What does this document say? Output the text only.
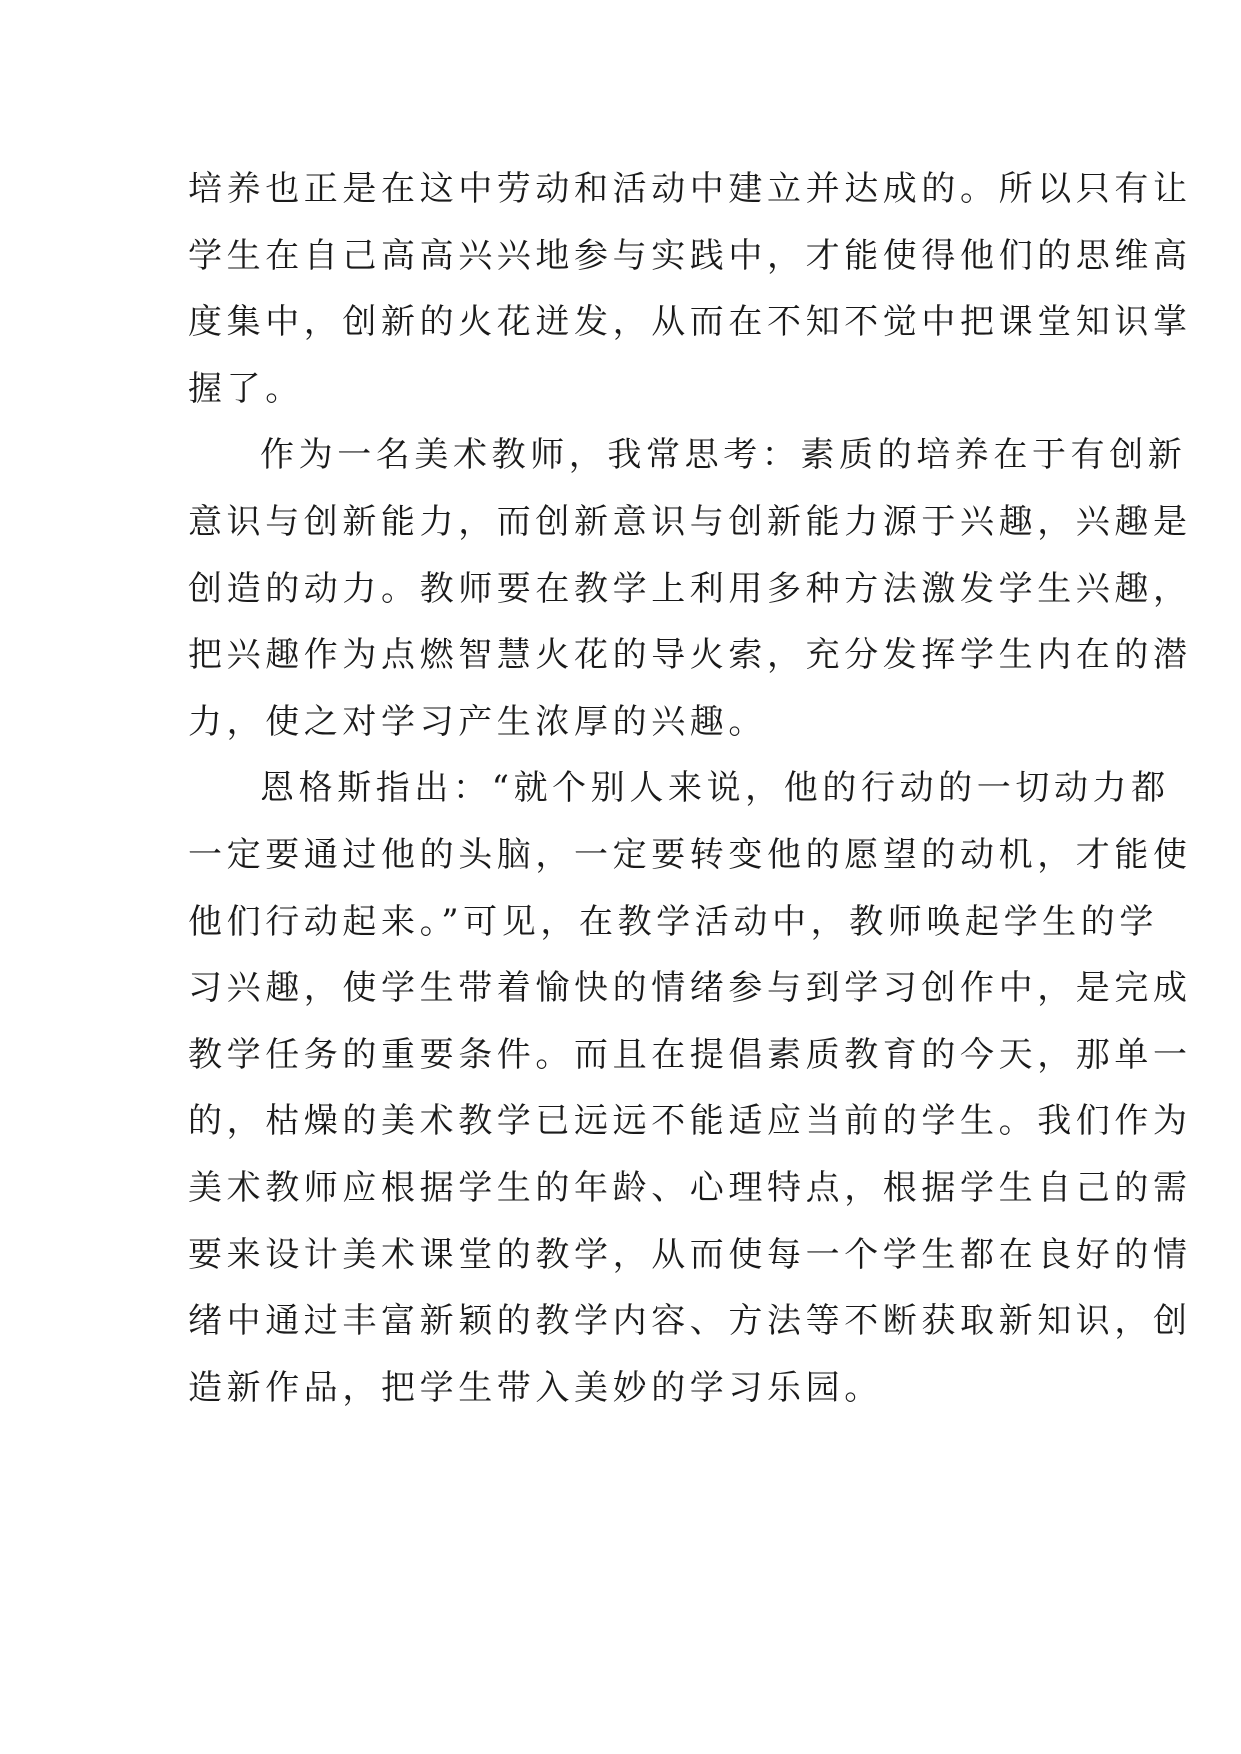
培养也正是在这中劳动和活动中建立并达成的。所以只有让
学生在自己高高兴兴地参与实践中，才能使得他们的思维高
度集中，创新的火花迸发，从而在不知不觉中把课堂知识掌
握了。
作为一名美术教师，我常思考：素质的培养在于有创新
意识与创新能力，而创新意识与创新能力源于兴趣，兴趣是
创造的动力。教师要在教学上利用多种方法激发学生兴趣，
把兴趣作为点燃智慧火花的导火索，充分发挥学生内在的潜
力，使之对学习产生浓厚的兴趣。
恩格斯指出：“就个别人来说，他的行动的一切动力都
一定要通过他的头脑，一定要转变他的愿望的动机，才能使
他们行动起来。”可见，在教学活动中，教师唤起学生的学
习兴趣，使学生带着愉快的情绪参与到学习创作中，是完成
教学任务的重要条件。而且在提倡素质教育的今天，那单一
的，枯燥的美术教学已远远不能适应当前的学生。我们作为
美术教师应根据学生的年龄、心理特点，根据学生自己的需
要来设计美术课堂的教学，从而使每一个学生都在良好的情
绪中通过丰富新颖的教学内容、方法等不断获取新知识，创
造新作品，把学生带入美妙的学习乐园。
